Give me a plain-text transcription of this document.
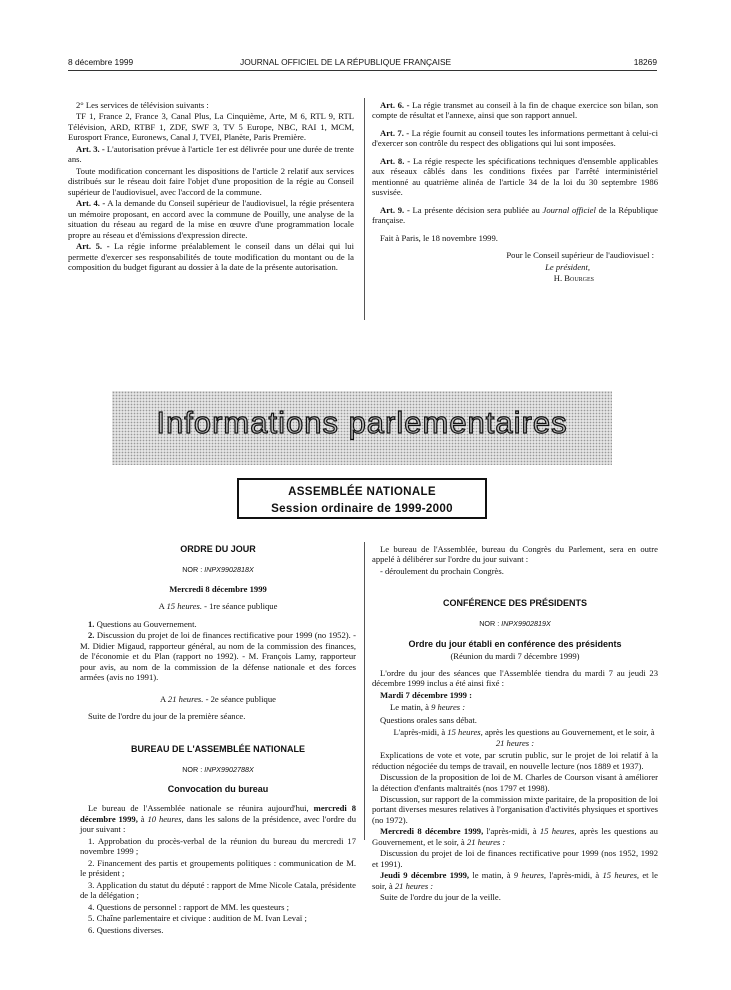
8 décembre 1999	JOURNAL OFFICIEL DE LA RÉPUBLIQUE FRANÇAISE	18269

2° Les services de télévision suivants :

TF 1, France 2, France 3, Canal Plus, La Cinquième, Arte, M 6, RTL 9, RTL Télévision, ARD, RTBF 1, ZDF, SWF 3, TV 5 Europe, NBC, RAI 1, MCM, Eurosport France, Euronews, Canal J, TVEI, Planète, Paris Première.

Art. 3. - L'autorisation prévue à l'article 1er est délivrée pour une durée de trente ans.

Toute modification concernant les dispositions de l'article 2 relatif aux services distribués sur le réseau doit faire l'objet d'une proposition de la régie au Conseil supérieur de l'audiovisuel, avec l'accord de la commune.

Art. 4. - A la demande du Conseil supérieur de l'audiovisuel, la régie présentera un mémoire proposant, en accord avec la commune de Pouilly, une analyse de la situation du réseau au regard de la mise en œuvre d'une programmation locale propre au réseau et d'émissions d'expression directe.

Art. 5. - La régie informe préalablement le conseil dans un délai qui lui permette d'exercer ses responsabilités de toute modification du montant ou de la composition du budget figurant au dossier à la date de la présente autorisation.

Art. 6. - La régie transmet au conseil à la fin de chaque exercice son bilan, son compte de résultat et l'annexe, ainsi que son rapport annuel.

Art. 7. - La régie fournit au conseil toutes les informations permettant à celui-ci d'exercer son contrôle du respect des obligations qui lui sont imposées.

Art. 8. - La régie respecte les spécifications techniques d'ensemble applicables aux réseaux câblés dans les conditions fixées par l'arrêté interministériel mentionné au quatrième alinéa de l'article 34 de la loi du 30 septembre 1986 susvisée.

Art. 9. - La présente décision sera publiée au Journal officiel de la République française.

Fait à Paris, le 18 novembre 1999.

Pour le Conseil supérieur de l'audiovisuel :

Le président,

H. Bourges

Informations parlementaires
ASSEMBLÉE NATIONALE
Session ordinaire de 1999-2000

ORDRE DU JOUR

NOR : INPX9902818X

Mercredi 8 décembre 1999

A 15 heures. - 1re séance publique

1. Questions au Gouvernement.

2. Discussion du projet de loi de finances rectificative pour 1999 (no 1952). - M. Didier Migaud, rapporteur général, au nom de la commission des finances, de l'économie et du Plan (rapport no 1992). - M. François Lamy, rapporteur pour avis, au nom de la commission de la défense nationale et des forces armées (avis no 1991).

A 21 heures. - 2e séance publique

Suite de l'ordre du jour de la première séance.

BUREAU DE L'ASSEMBLÉE NATIONALE

NOR : INPX9902788X

Convocation du bureau

Le bureau de l'Assemblée nationale se réunira aujourd'hui, mercredi 8 décembre 1999, à 10 heures, dans les salons de la présidence, avec l'ordre du jour suivant :

1. Approbation du procès-verbal de la réunion du bureau du mercredi 17 novembre 1999 ;

2. Financement des partis et groupements politiques : communication de M. le président ;

3. Application du statut du député : rapport de Mme Nicole Catala, présidente de la délégation ;

4. Questions de personnel : rapport de MM. les questeurs ;

5. Chaîne parlementaire et civique : audition de M. Ivan Levaï ;

6. Questions diverses.

Le bureau de l'Assemblée, bureau du Congrès du Parlement, sera en outre appelé à délibérer sur l'ordre du jour suivant :

- déroulement du prochain Congrès.

CONFÉRENCE DES PRÉSIDENTS

NOR : INPX9902819X

Ordre du jour établi en conférence des présidents

(Réunion du mardi 7 décembre 1999)

L'ordre du jour des séances que l'Assemblée tiendra du mardi 7 au jeudi 23 décembre 1999 inclus a été ainsi fixé :

Mardi 7 décembre 1999 :

Le matin, à 9 heures :

Questions orales sans débat.

L'après-midi, à 15 heures, après les questions au Gouvernement, et le soir, à 21 heures :

Explications de vote et vote, par scrutin public, sur le projet de loi relatif à la réduction négociée du temps de travail, en nouvelle lecture (nos 1889 et 1937).

Discussion de la proposition de loi de M. Charles de Courson visant à améliorer la détection d'enfants maltraités (nos 1797 et 1998).

Discussion, sur rapport de la commission mixte paritaire, de la proposition de loi portant diverses mesures relatives à l'organisation d'activités physiques et sportives (no 1972).

Mercredi 8 décembre 1999, l'après-midi, à 15 heures, après les questions au Gouvernement, et le soir, à 21 heures :

Discussion du projet de loi de finances rectificative pour 1999 (nos 1952, 1992 et 1991).

Jeudi 9 décembre 1999, le matin, à 9 heures, l'après-midi, à 15 heures, et le soir, à 21 heures :

Suite de l'ordre du jour de la veille.
